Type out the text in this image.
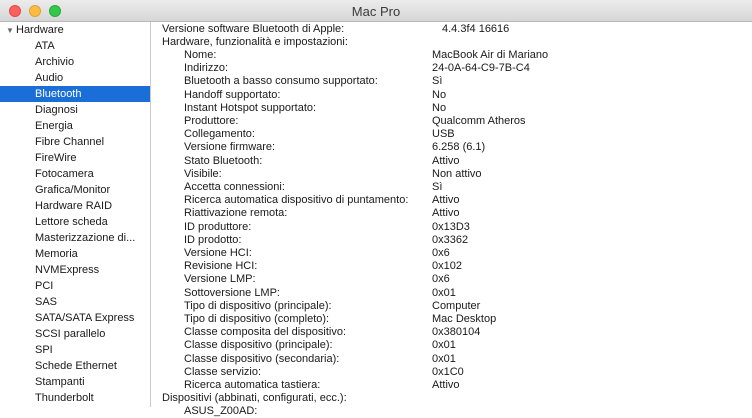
Mac Pro
▼ Hardware
ATA
Archivio
Audio
Bluetooth
Diagnosi
Energia
Fibre Channel
FireWire
Fotocamera
Grafica/Monitor
Hardware RAID
Lettore scheda
Masterizzazione di...
Memoria
NVMExpress
PCI
SAS
SATA/SATA Express
SCSI parallelo
SPI
Schede Ethernet
Stampanti
Thunderbolt
Versione software Bluetooth di Apple:	4.4.3f4 16616
Hardware, funzionalità e impostazioni:
Nome:	MacBook Air di Mariano
Indirizzo:	24-0A-64-C9-7B-C4
Bluetooth a basso consumo supportato:	Sì
Handoff supportato:	No
Instant Hotspot supportato:	No
Produttore:	Qualcomm Atheros
Collegamento:	USB
Versione firmware:	6.258 (6.1)
Stato Bluetooth:	Attivo
Visibile:	Non attivo
Accetta connessioni:	Sì
Ricerca automatica dispositivo di puntamento: Attivo
Riattivazione remota:	Attivo
ID produttore:	0x13D3
ID prodotto:	0x3362
Versione HCI:	0x6
Revisione HCI:	0x102
Versione LMP:	0x6
Sottoversione LMP:	0x01
Tipo di dispositivo (principale):	Computer
Tipo di dispositivo (completo):	Mac Desktop
Classe composita del dispositivo:	0x380104
Classe dispositivo (principale):	0x01
Classe dispositivo (secondaria):	0x01
Classe servizio:	0x1C0
Ricerca automatica tastiera:	Attivo
Dispositivi (abbinati, configurati, ecc.):
ASUS_Z00AD:
